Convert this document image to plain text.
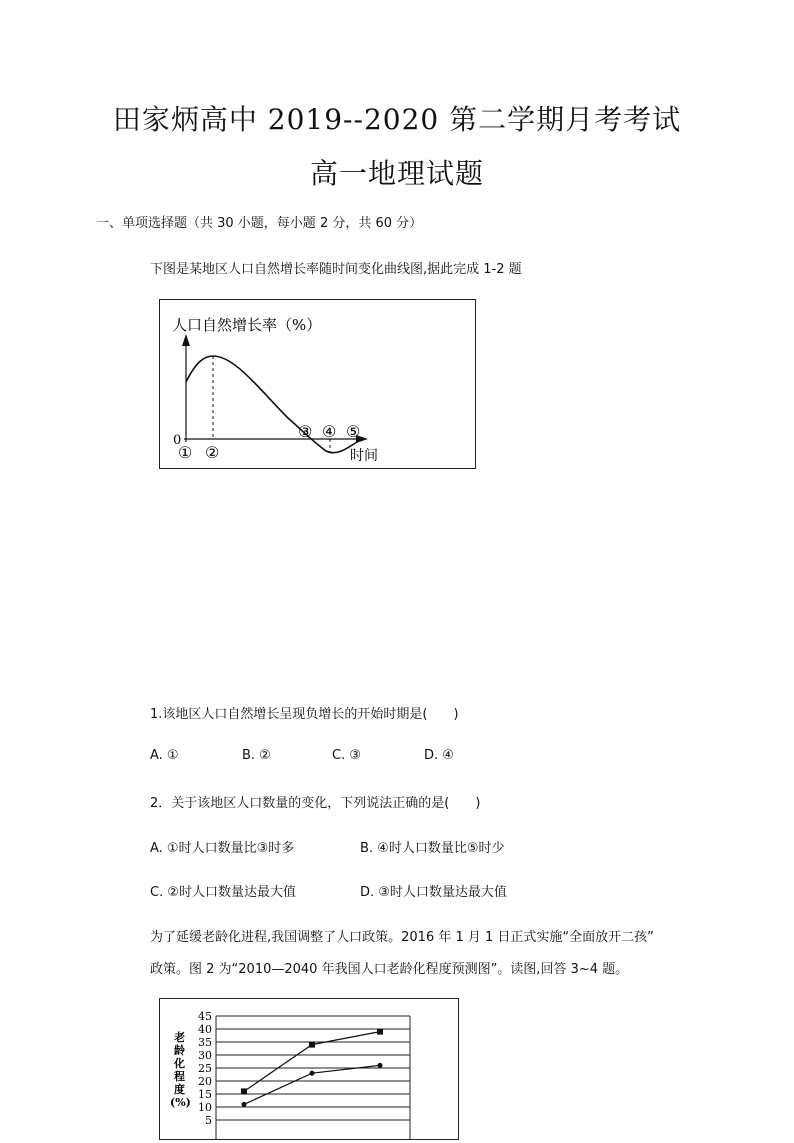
田家炳高中 2019--2020 第二学期月考考试
高一地理试题
一、单项选择题（共 30 小题，每小题 2 分，共 60 分）
下图是某地区人口自然增长率随时间变化曲线图,据此完成 1-2 题
人口自然增长率（%）
0
① ②
③ ④ ⑤
时间
1.该地区人口自然增长呈现负增长的开始时期是(　　)
A. ①	B. ②	C. ③	D. ④
2．关于该地区人口数量的变化，下列说法正确的是(　　)
A. ①时人口数量比③时多	B. ④时人口数量比⑤时少
C. ②时人口数量达最大值	D. ③时人口数量达最大值
为了延缓老龄化进程,我国调整了人口政策。2016 年 1 月 1 日正式实施“全面放开二孩”
政策。图 2 为“2010—2040 年我国人口老龄化程度预测图”。读图,回答 3~4 题。
老龄化程度(%)
5
10
15
20
25
30
35
40
45
